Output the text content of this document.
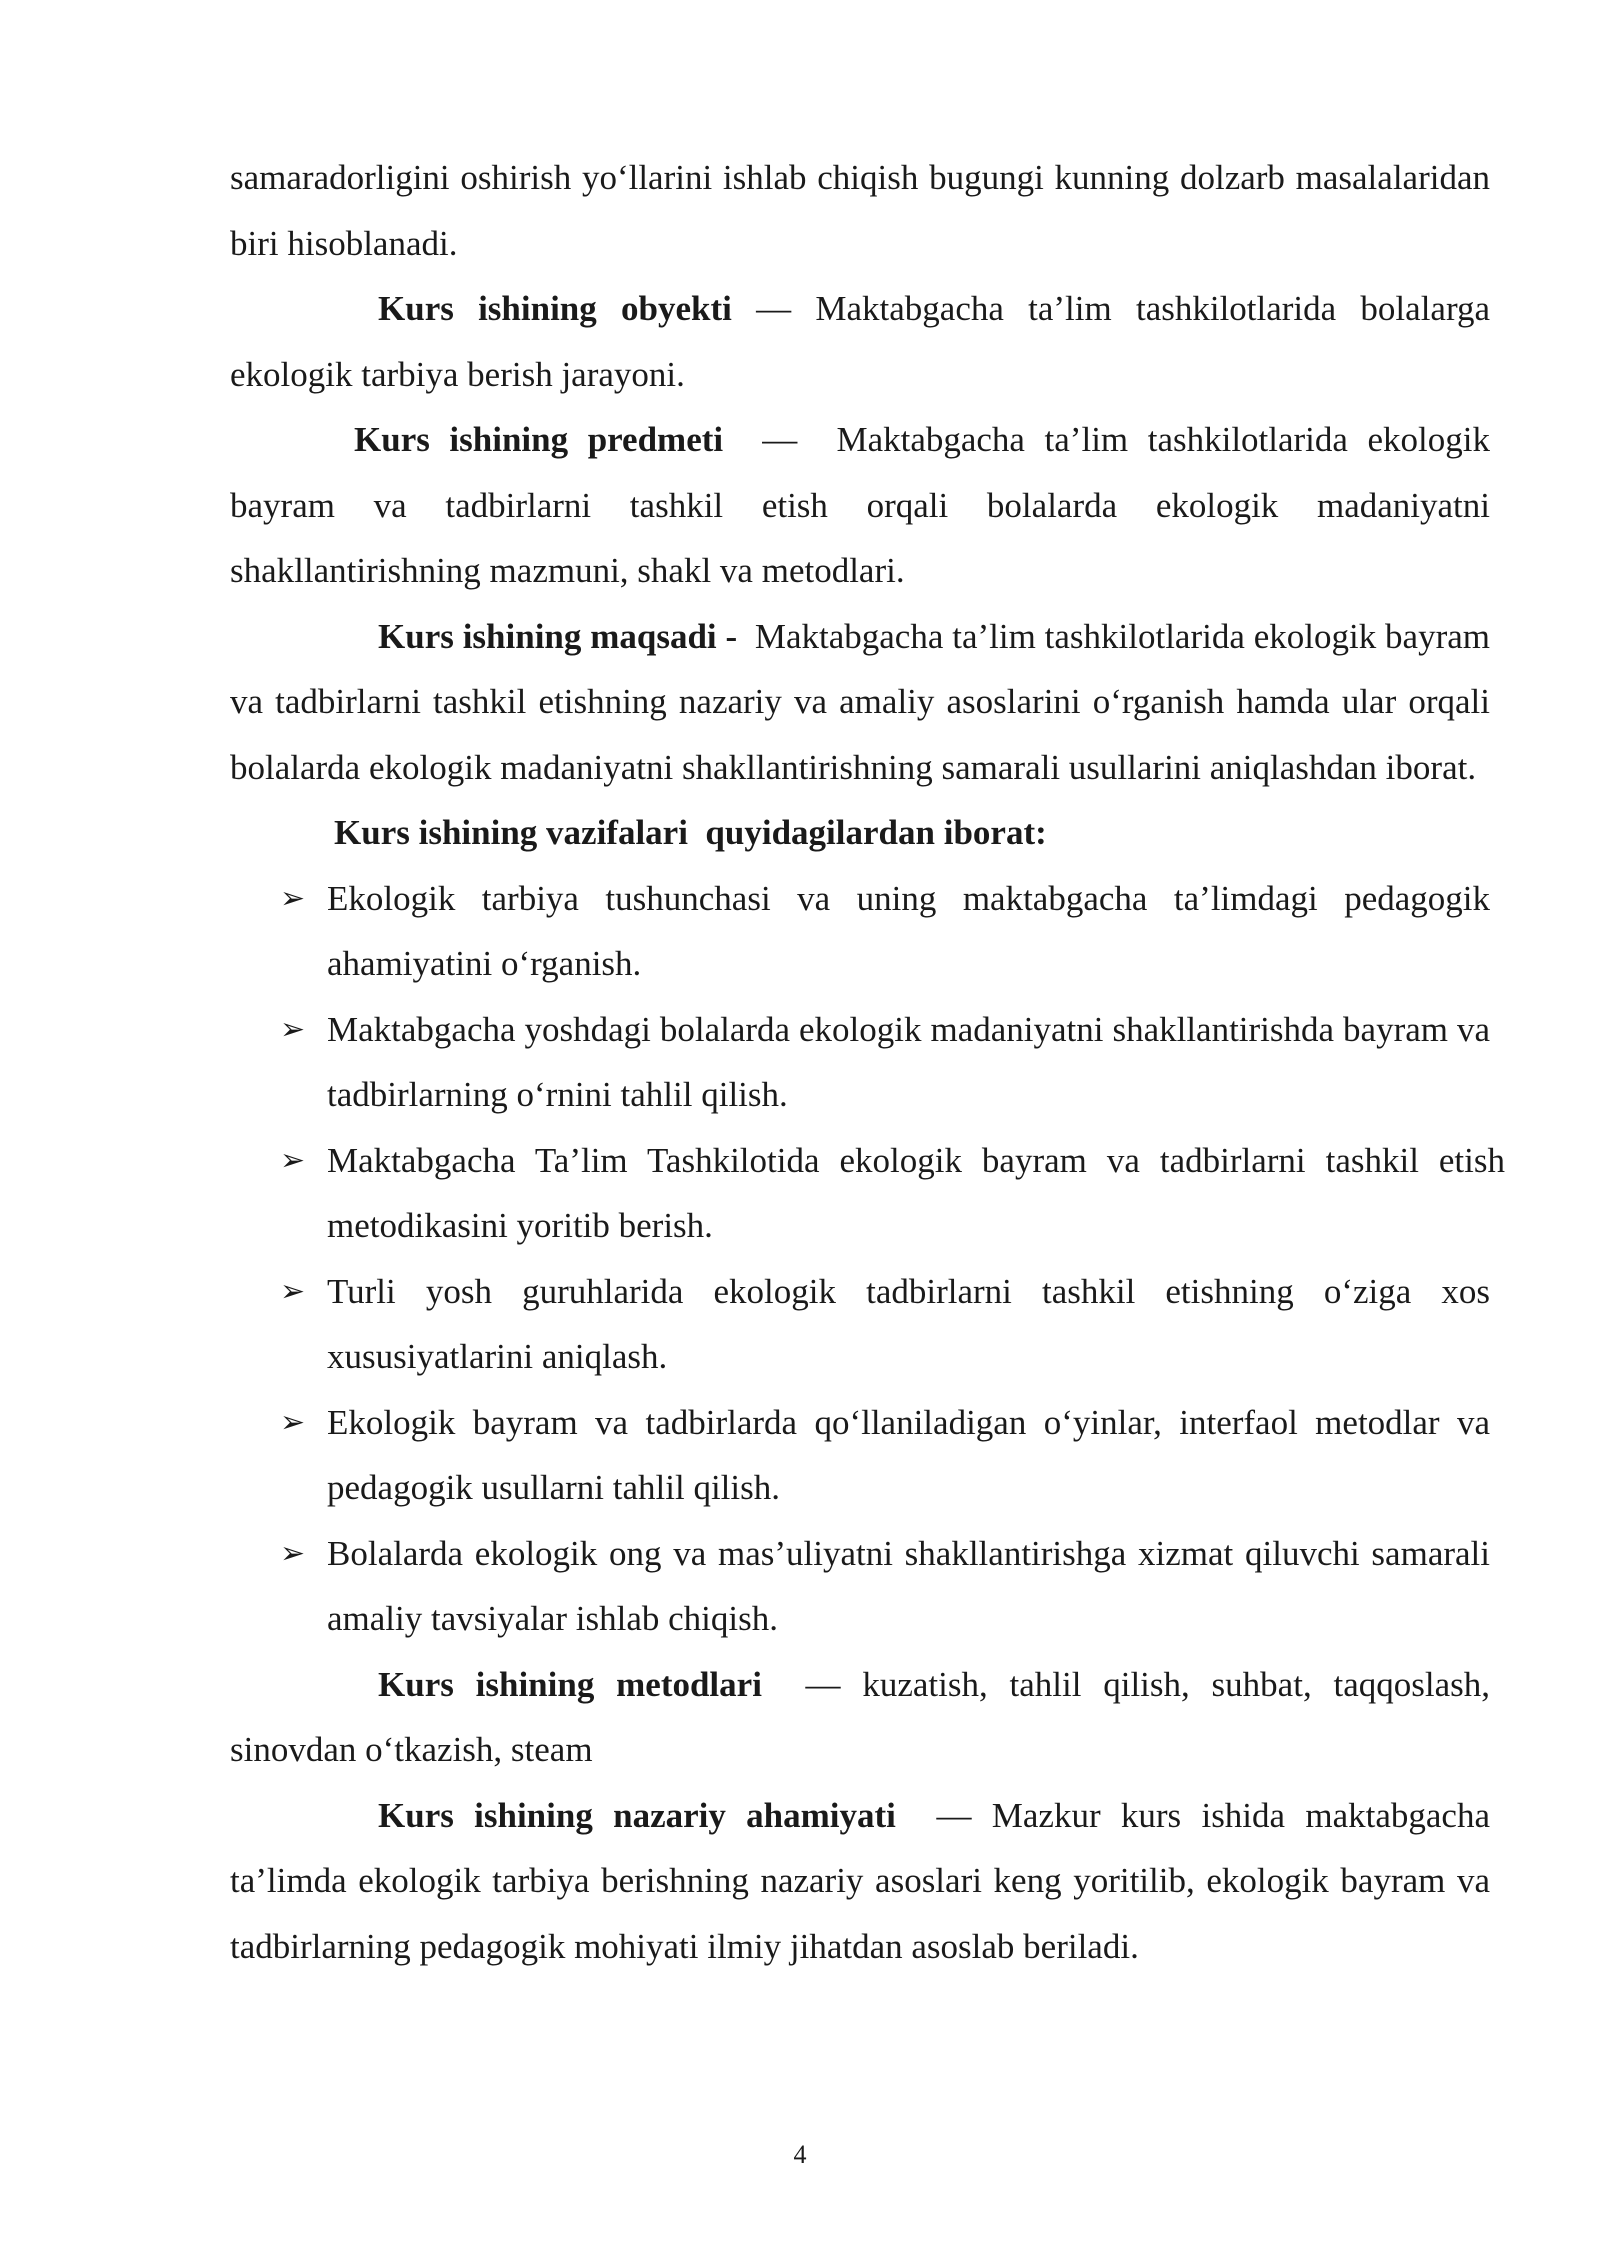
samaradorligini oshirish yo‘llarini ishlab chiqish bugungi kunning dolzarb masalalaridan biri hisoblanadi.

Kurs ishining obyekti — Maktabgacha ta’lim tashkilotlarida bolalarga ekologik tarbiya berish jarayoni.

Kurs ishining predmeti  —  Maktabgacha ta’lim tashkilotlarida ekologik bayram va tadbirlarni tashkil etish orqali bolalarda ekologik madaniyatni shakllantirishning mazmuni, shakl va metodlari.

Kurs ishining maqsadi - Maktabgacha ta’lim tashkilotlarida ekologik bayram va tadbirlarni tashkil etishning nazariy va amaliy asoslarini o‘rganish hamda ular orqali bolalarda ekologik madaniyatni shakllantirishning samarali usullarini aniqlashdan iborat.

Kurs ishining vazifalari  quyidagilardan iborat:

➢ Ekologik tarbiya tushunchasi va uning maktabgacha ta’limdagi pedagogik ahamiyatini o‘rganish.
➢ Maktabgacha yoshdagi bolalarda ekologik madaniyatni shakllantirishda bayram va tadbirlarning o‘rnini tahlil qilish.
➢ Maktabgacha Ta’lim Tashkilotida ekologik bayram va tadbirlarni tashkil etish metodikasini yoritib berish.
➢ Turli yosh guruhlarida ekologik tadbirlarni tashkil etishning o‘ziga xos xususiyatlarini aniqlash.
➢ Ekologik bayram va tadbirlarda qo‘llaniladigan o‘yinlar, interfaol metodlar va pedagogik usullarni tahlil qilish.
➢ Bolalarda ekologik ong va mas’uliyatni shakllantirishga xizmat qiluvchi samarali amaliy tavsiyalar ishlab chiqish.

Kurs ishining metodlari  — kuzatish, tahlil qilish, suhbat, taqqoslash, sinovdan o‘tkazish, steam

Kurs ishining nazariy ahamiyati  — Mazkur kurs ishida maktabgacha ta’limda ekologik tarbiya berishning nazariy asoslari keng yoritilib, ekologik bayram va tadbirlarning pedagogik mohiyati ilmiy jihatdan asoslab beriladi.

4
